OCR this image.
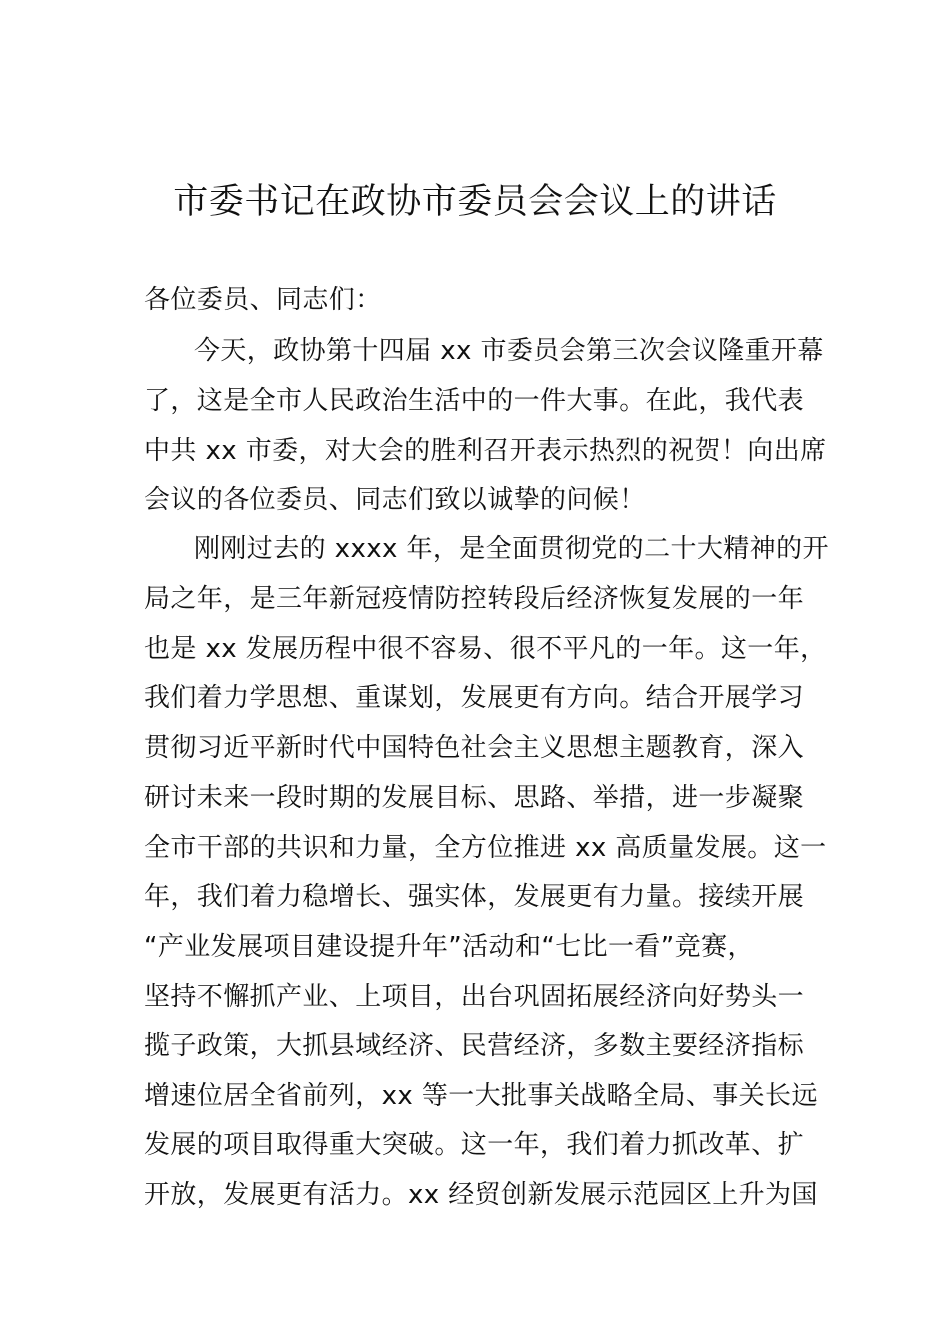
市委书记在政协市委员会会议上的讲话
各位委员、同志们：
今天，政协第十四届 xx 市委员会第三次会议隆重开幕
了，这是全市人民政治生活中的一件大事。在此，我代表
中共 xx 市委，对大会的胜利召开表示热烈的祝贺！向出席
会议的各位委员、同志们致以诚挚的问候！
刚刚过去的 xxxx 年，是全面贯彻党的二十大精神的开
局之年，是三年新冠疫情防控转段后经济恢复发展的一年
也是 xx 发展历程中很不容易、很不平凡的一年。这一年，
我们着力学思想、重谋划，发展更有方向。结合开展学习
贯彻习近平新时代中国特色社会主义思想主题教育，深入
研讨未来一段时期的发展目标、思路、举措，进一步凝聚
全市干部的共识和力量，全方位推进 xx 高质量发展。这一
年，我们着力稳增长、强实体，发展更有力量。接续开展
“产业发展项目建设提升年”活动和“七比一看”竞赛，
坚持不懈抓产业、上项目，出台巩固拓展经济向好势头一
揽子政策，大抓县域经济、民营经济，多数主要经济指标
增速位居全省前列，xx 等一大批事关战略全局、事关长远
发展的项目取得重大突破。这一年，我们着力抓改革、扩
开放，发展更有活力。xx 经贸创新发展示范园区上升为国
